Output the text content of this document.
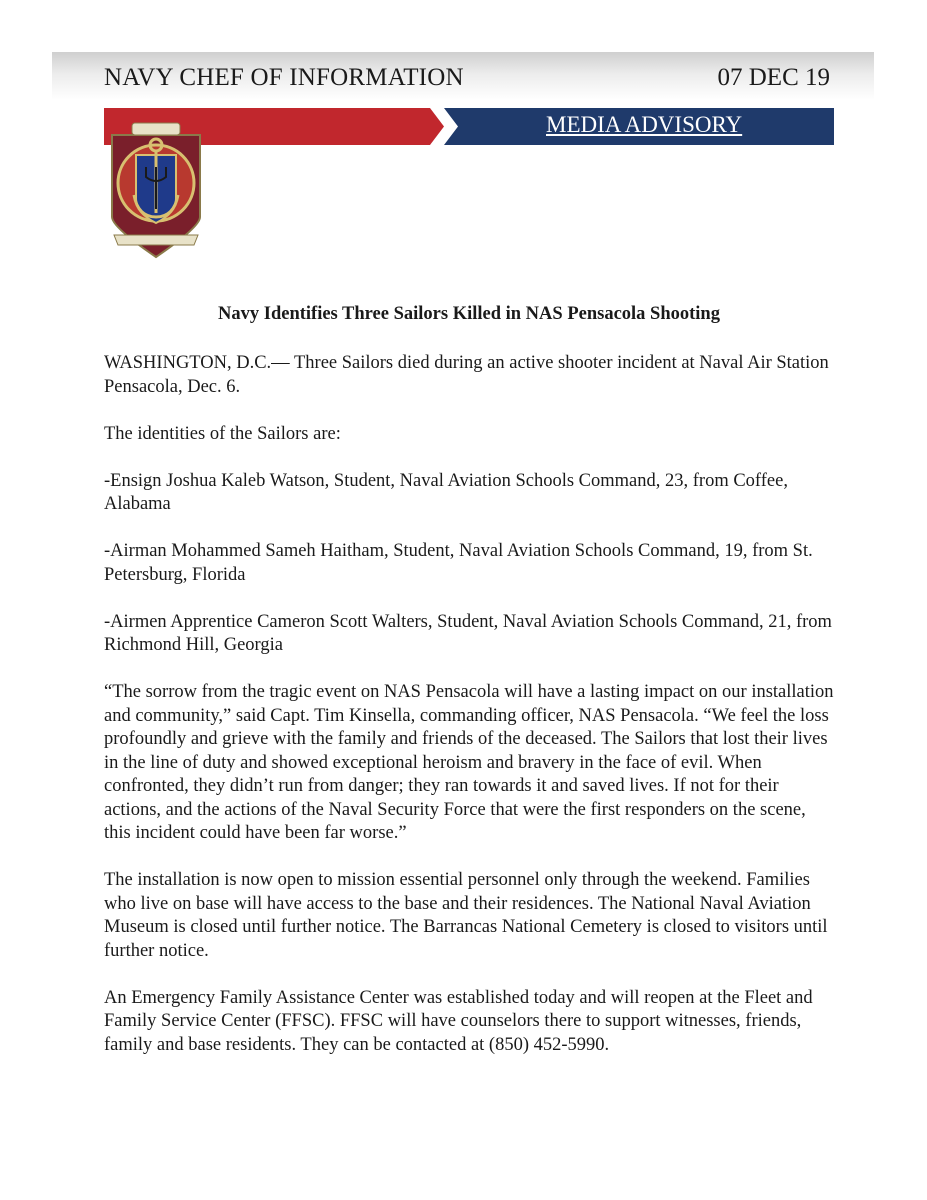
NAVY CHEF OF INFORMATION	07 DEC 19
MEDIA ADVISORY
Navy Identifies Three Sailors Killed in NAS Pensacola Shooting

WASHINGTON, D.C.— Three Sailors died during an active shooter incident at Naval Air Station Pensacola, Dec. 6.

The identities of the Sailors are:

-Ensign Joshua Kaleb Watson, Student, Naval Aviation Schools Command, 23, from Coffee, Alabama

-Airman Mohammed Sameh Haitham, Student, Naval Aviation Schools Command, 19, from St. Petersburg, Florida

-Airmen Apprentice Cameron Scott Walters, Student, Naval Aviation Schools Command, 21, from Richmond Hill, Georgia

“The sorrow from the tragic event on NAS Pensacola will have a lasting impact on our installation and community,” said Capt. Tim Kinsella, commanding officer, NAS Pensacola. “We feel the loss profoundly and grieve with the family and friends of the deceased. The Sailors that lost their lives in the line of duty and showed exceptional heroism and bravery in the face of evil. When confronted, they didn’t run from danger; they ran towards it and saved lives. If not for their actions, and the actions of the Naval Security Force that were the first responders on the scene, this incident could have been far worse.”

The installation is now open to mission essential personnel only through the weekend. Families who live on base will have access to the base and their residences. The National Naval Aviation Museum is closed until further notice. The Barrancas National Cemetery is closed to visitors until further notice.

An Emergency Family Assistance Center was established today and will reopen at the Fleet and Family Service Center (FFSC). FFSC will have counselors there to support witnesses, friends, family and base residents. They can be contacted at (850) 452-5990.
